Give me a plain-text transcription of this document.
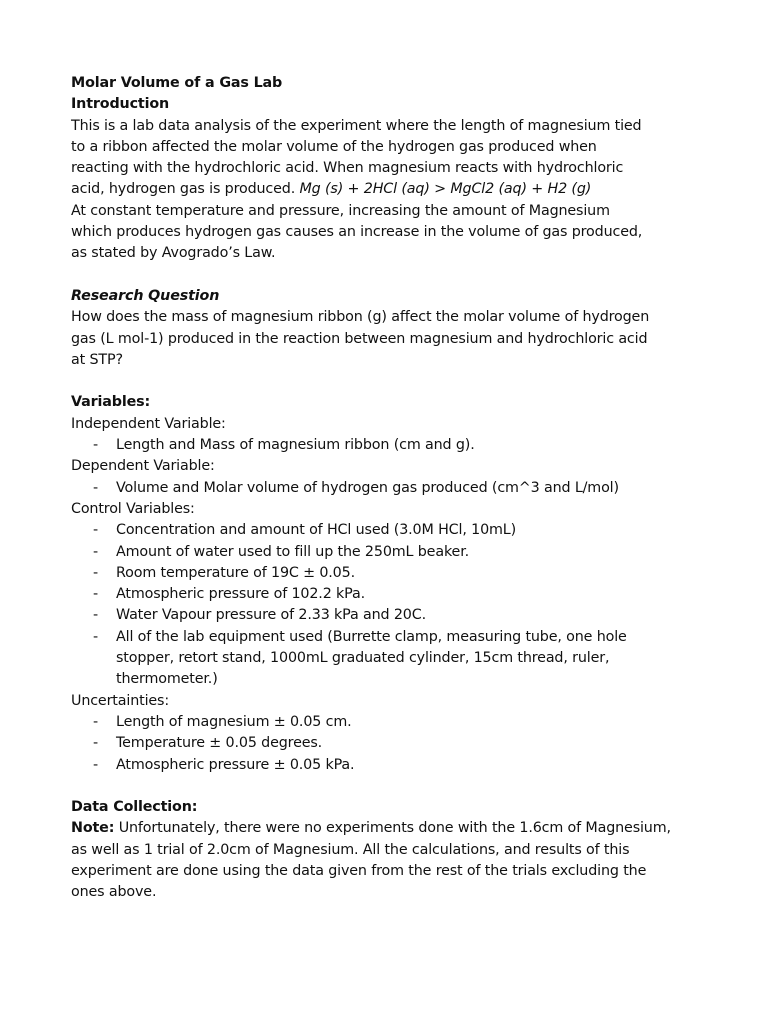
Molar Volume of a Gas Lab
Introduction
This is a lab data analysis of the experiment where the length of magnesium tied
to a ribbon affected the molar volume of the hydrogen gas produced when
reacting with the hydrochloric acid. When magnesium reacts with hydrochloric
acid, hydrogen gas is produced. Mg (s) + 2HCl (aq) > MgCl2 (aq) + H2 (g)
At constant temperature and pressure, increasing the amount of Magnesium
which produces hydrogen gas causes an increase in the volume of gas produced,
as stated by Avogrado’s Law.
Research Question
How does the mass of magnesium ribbon (g) affect the molar volume of hydrogen
gas (L mol-1) produced in the reaction between magnesium and hydrochloric acid
at STP?
Variables:
Independent Variable:
- Length and Mass of magnesium ribbon (cm and g).
Dependent Variable:
- Volume and Molar volume of hydrogen gas produced (cm^3 and L/mol)
Control Variables:
- Concentration and amount of HCl used (3.0M HCl, 10mL)
- Amount of water used to fill up the 250mL beaker.
- Room temperature of 19C ± 0.05.
- Atmospheric pressure of 102.2 kPa.
- Water Vapour pressure of 2.33 kPa and 20C.
- All of the lab equipment used (Burrette clamp, measuring tube, one hole
stopper, retort stand, 1000mL graduated cylinder, 15cm thread, ruler,
thermometer.)
Uncertainties:
- Length of magnesium ± 0.05 cm.
- Temperature ± 0.05 degrees.
- Atmospheric pressure ± 0.05 kPa.
Data Collection:
Note: Unfortunately, there were no experiments done with the 1.6cm of Magnesium,
as well as 1 trial of 2.0cm of Magnesium. All the calculations, and results of this
experiment are done using the data given from the rest of the trials excluding the
ones above.
